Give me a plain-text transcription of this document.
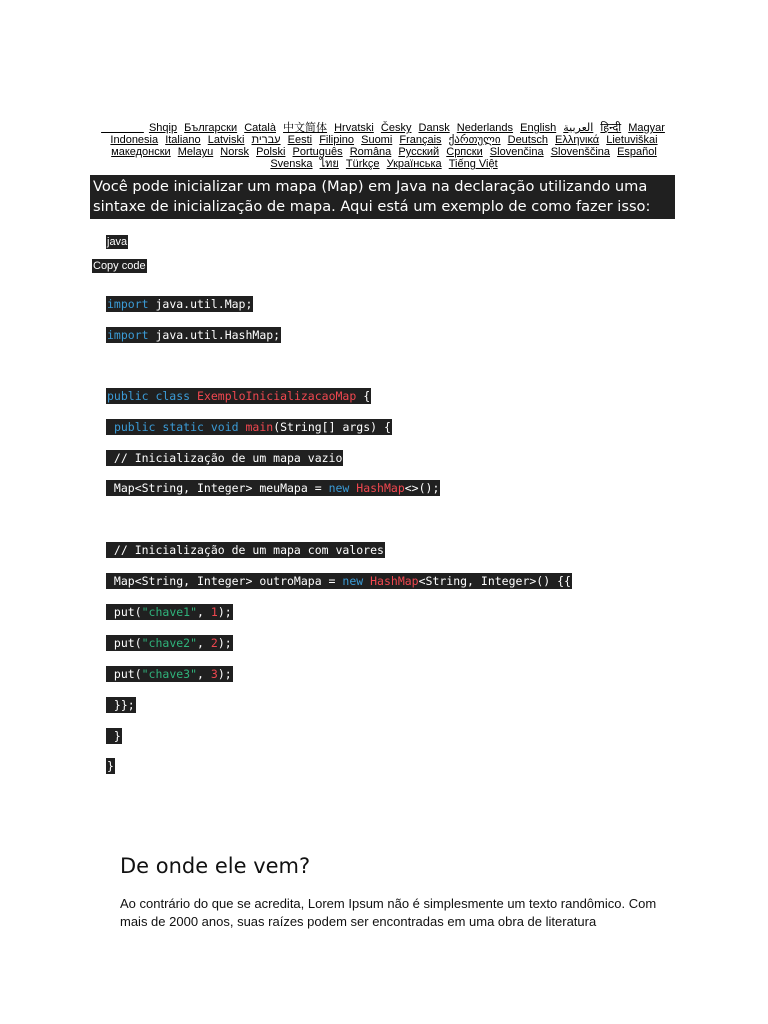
Shqip Български Català 中文简体 Hrvatski Česky Dansk Nederlands English العربية हिन्दी Magyar Indonesia Italiano Latviski עברית Eesti Filipino Suomi Français ქართული Deutsch Ελληνικά Lietuviškai македонски Melayu Norsk Polski Português Româna Русский Српски Slovenčina Slovenščina Español Svenska ไทย Türkçe Українська Tiếng Việt
Você pode inicializar um mapa (Map) em Java na declaração utilizando uma sintaxe de inicialização de mapa. Aqui está um exemplo de como fazer isso:
java
Copy code
import java.util.Map;
import java.util.HashMap;
public class ExemploInicializacaoMap {
public static void main(String[] args) {
// Inicialização de um mapa vazio
Map<String, Integer> meuMapa = new HashMap<>();
// Inicialização de um mapa com valores
Map<String, Integer> outroMapa = new HashMap<String, Integer>() {{
put("chave1", 1);
put("chave2", 2);
put("chave3", 3);
}};
}
}
De onde ele vem?
Ao contrário do que se acredita, Lorem Ipsum não é simplesmente um texto randômico. Com mais de 2000 anos, suas raízes podem ser encontradas em uma obra de literatura
